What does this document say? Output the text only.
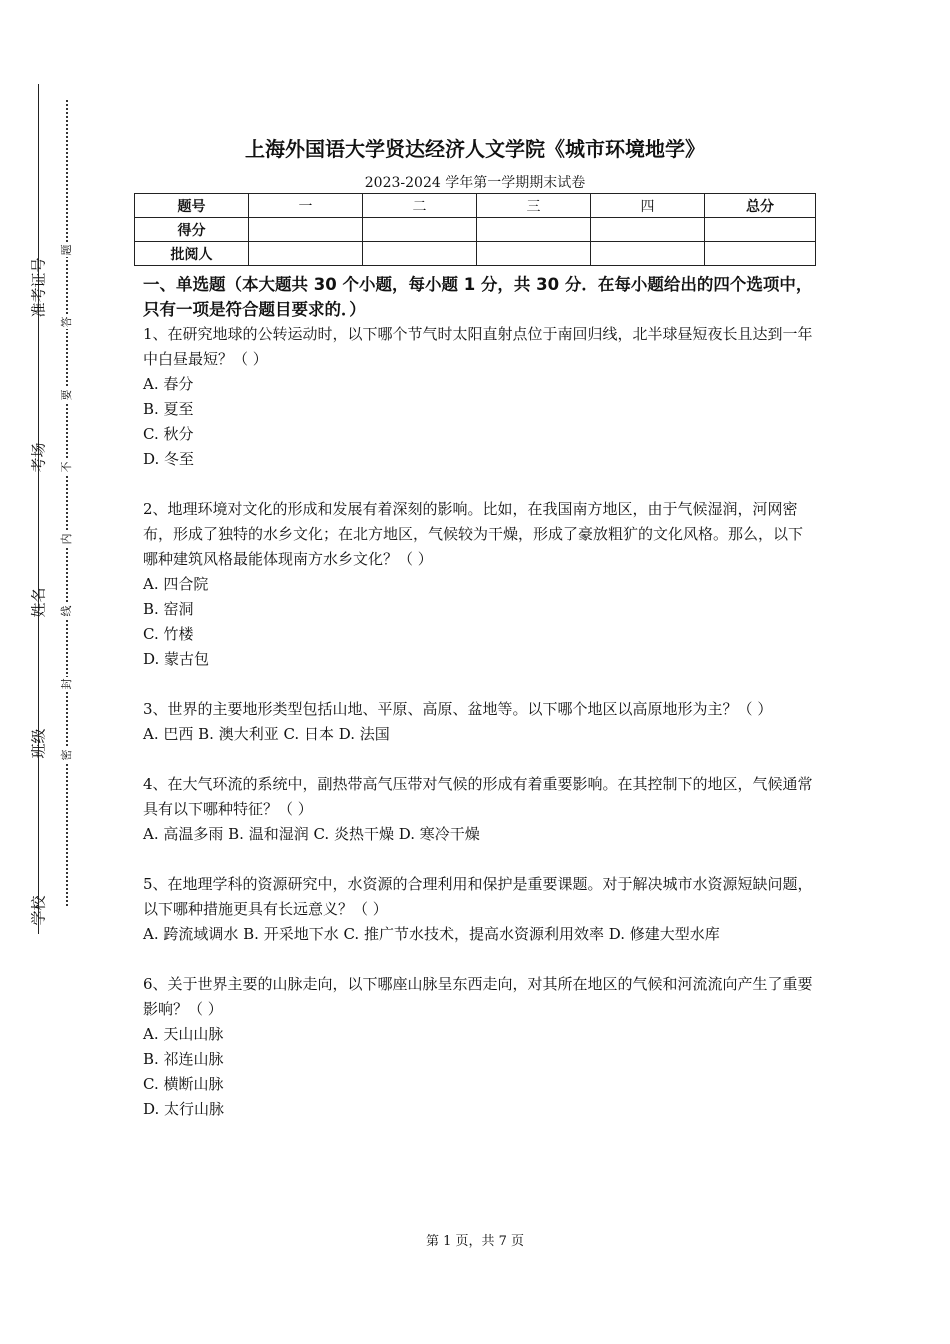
准考证号
考场
姓名
班级
学校
题
答
要
不
内
线
封
密
上海外国语大学贤达经济人文学院《城市环境地学》
2023-2024 学年第一学期期末试卷
题号	一	二	三	四	总分
得分					
批阅人					
一、单选题（本大题共 30 个小题，每小题 1 分，共 30 分．在每小题给出的四个选项中，只有一项是符合题目要求的．）
1、在研究地球的公转运动时，以下哪个节气时太阳直射点位于南回归线，北半球昼短夜长且达到一年中白昼最短？（ ）
A. 春分
B. 夏至
C. 秋分
D. 冬至
2、地理环境对文化的形成和发展有着深刻的影响。比如，在我国南方地区，由于气候湿润，河网密布，形成了独特的水乡文化；在北方地区，气候较为干燥，形成了豪放粗犷的文化风格。那么，以下哪种建筑风格最能体现南方水乡文化？（ ）
A. 四合院
B. 窑洞
C. 竹楼
D. 蒙古包
3、世界的主要地形类型包括山地、平原、高原、盆地等。以下哪个地区以高原地形为主？（ ）
A. 巴西 B. 澳大利亚 C. 日本 D. 法国
4、在大气环流的系统中，副热带高气压带对气候的形成有着重要影响。在其控制下的地区，气候通常具有以下哪种特征？（ ）
A. 高温多雨 B. 温和湿润 C. 炎热干燥 D. 寒冷干燥
5、在地理学科的资源研究中，水资源的合理利用和保护是重要课题。对于解决城市水资源短缺问题，以下哪种措施更具有长远意义？（ ）
A. 跨流域调水 B. 开采地下水 C. 推广节水技术，提高水资源利用效率 D. 修建大型水库
6、关于世界主要的山脉走向，以下哪座山脉呈东西走向，对其所在地区的气候和河流流向产生了重要影响？（ ）
A. 天山山脉
B. 祁连山脉
C. 横断山脉
D. 太行山脉
第 1 页，共 7 页
